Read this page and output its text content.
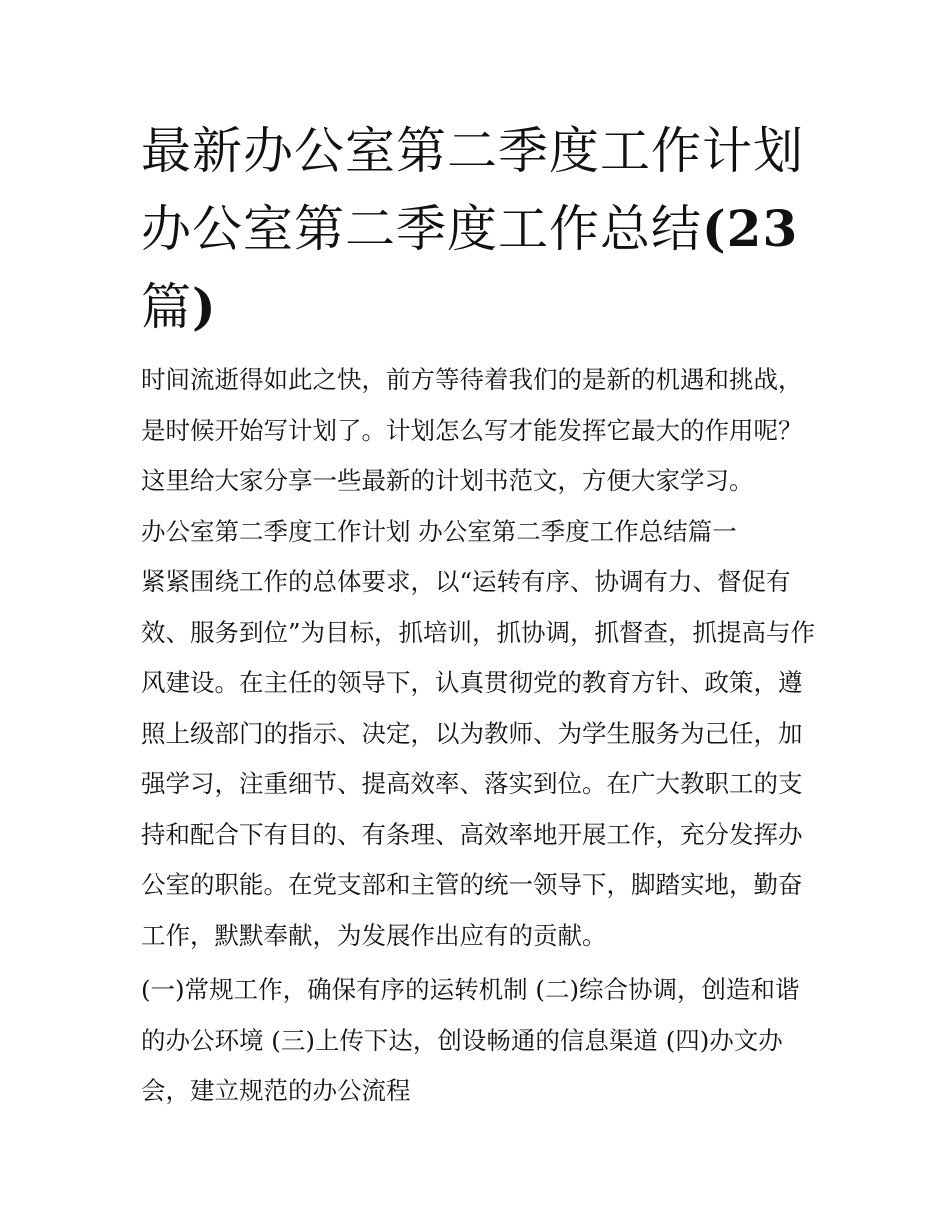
最新办公室第二季度工作计划
办公室第二季度工作总结(23
篇)

时间流逝得如此之快，前方等待着我们的是新的机遇和挑战，是时候开始写计划了。计划怎么写才能发挥它最大的作用呢？这里给大家分享一些最新的计划书范文，方便大家学习。

办公室第二季度工作计划 办公室第二季度工作总结篇一

紧紧围绕工作的总体要求，以“运转有序、协调有力、督促有效、服务到位”为目标，抓培训，抓协调，抓督查，抓提高与作风建设。在主任的领导下，认真贯彻党的教育方针、政策，遵照上级部门的指示、决定，以为教师、为学生服务为己任，加强学习，注重细节、提高效率、落实到位。在广大教职工的支持和配合下有目的、有条理、高效率地开展工作，充分发挥办公室的职能。在党支部和主管的统一领导下，脚踏实地，勤奋工作，默默奉献，为发展作出应有的贡献。

(一)常规工作，确保有序的运转机制 (二)综合协调，创造和谐的办公环境 (三)上传下达，创设畅通的信息渠道 (四)办文办会，建立规范的办公流程
